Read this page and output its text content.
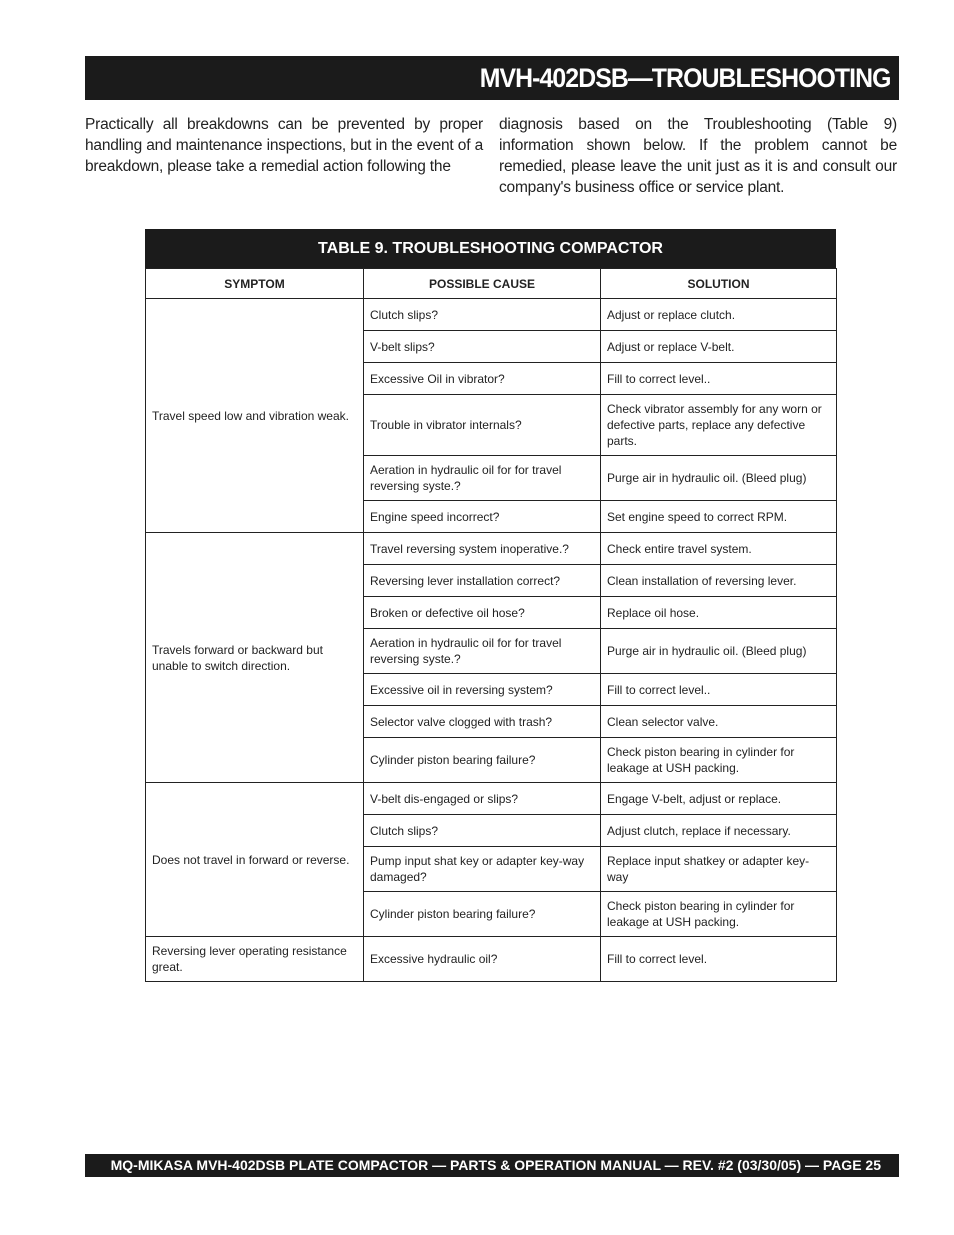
MVH-402DSB—TROUBLESHOOTING

Practically all breakdowns can be prevented by proper handling and maintenance inspections, but in the event of a breakdown, please take a remedial action following the

diagnosis based on the Troubleshooting (Table 9) information shown below. If the problem cannot be remedied, please leave the unit just as it is and consult our company's business office or service plant.

TABLE 9. TROUBLESHOOTING COMPACTOR
SYMPTOM	POSSIBLE CAUSE	SOLUTION
Travel speed low and vibration weak.	Clutch slips?	Adjust or replace clutch.
	V-belt slips?	Adjust or replace V-belt.
	Excessive Oil in vibrator?	Fill to correct level..
	Trouble in vibrator internals?	Check vibrator assembly for any worn or defective parts, replace any defective parts.
	Aeration in hydraulic oil for for travel reversing syste.?	Purge air in hydraulic oil. (Bleed plug)
	Engine speed incorrect?	Set engine speed to correct RPM.
Travels forward or backward but unable to switch direction.	Travel reversing system inoperative.?	Check entire travel system.
	Reversing lever installation correct?	Clean installation of reversing lever.
	Broken or defective oil hose?	Replace oil hose.
	Aeration in hydraulic oil for for travel reversing syste.?	Purge air in hydraulic oil. (Bleed plug)
	Excessive oil in reversing system?	Fill to correct level..
	Selector valve clogged with trash?	Clean selector valve.
	Cylinder piston bearing failure?	Check piston bearing in cylinder for leakage at USH packing.
Does not travel in forward or reverse.	V-belt dis-engaged or slips?	Engage V-belt, adjust or replace.
	Clutch slips?	Adjust clutch, replace if necessary.
	Pump input shat key or adapter key-way damaged?	Replace input shatkey or adapter key-way
	Cylinder piston bearing failure?	Check piston bearing in cylinder for leakage at USH packing.
Reversing lever operating resistance great.	Excessive hydraulic oil?	Fill to correct level.
MQ-MIKASA MVH-402DSB PLATE COMPACTOR — PARTS & OPERATION MANUAL — REV. #2 (03/30/05) — PAGE 25
